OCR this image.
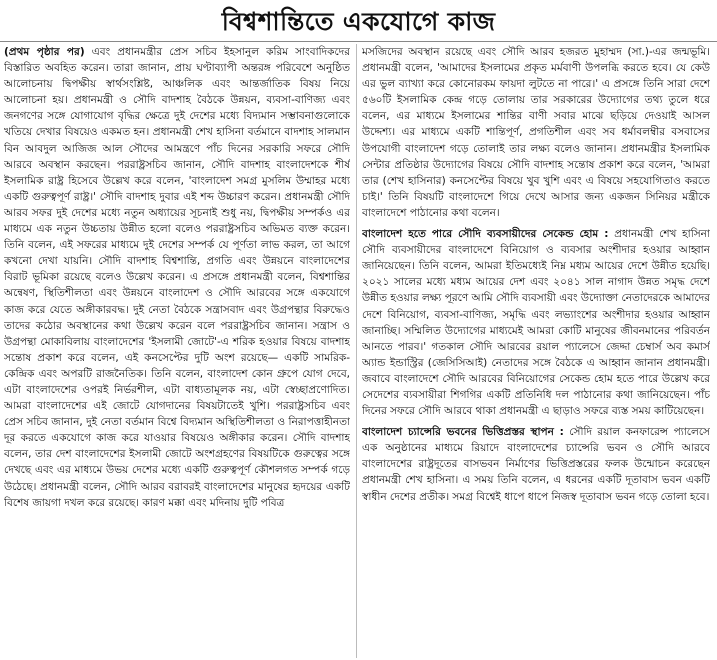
বিশ্বশান্তিতে একযোগে কাজ

(প্রথম পৃষ্ঠার পর) এবং প্রধানমন্ত্রীর প্রেস সচিব ইহসানুল করিম সাংবাদিকদের বিস্তারিত অবহিত করেন। তারা জানান, প্রায় ঘণ্টাব্যাপী অন্তরঙ্গ পরিবেশে অনুষ্ঠিত আলোচনায় দ্বিপক্ষীয় স্বার্থসংশ্লিষ্ট, আঞ্চলিক এবং আন্তর্জাতিক বিষয় নিয়ে আলোচনা হয়। প্রধানমন্ত্রী ও সৌদি বাদশাহ বৈঠকে উন্নয়ন, ব্যবসা-বাণিজ্য এবং জনগণের সঙ্গে যোগাযোগ বৃদ্ধির ক্ষেত্রে দুই দেশের মধ্যে বিদ্যমান সম্ভাবনাগুলোকে খতিয়ে দেখার বিষয়েও একমত হন। প্রধানমন্ত্রী শেখ হাসিনা বর্তমানে বাদশাহ সালমান বিন আবদুল আজিজ আল সৌদের আমন্ত্রণে পাঁচ দিনের সরকারি সফরে সৌদি আরবে অবস্থান করছেন। পররাষ্ট্রসচিব জানান, সৌদি বাদশাহ বাংলাদেশকে শীর্ষ ইসলামিক রাষ্ট্র হিসেবে উল্লেখ করে বলেন, 'বাংলাদেশ সমগ্র মুসলিম উম্মাহর মধ্যে একটি গুরুত্বপূর্ণ রাষ্ট্র।' সৌদি বাদশাহ দুবার এই শব্দ উচ্চারণ করেন। প্রধানমন্ত্রী সৌদি আরব সফর দুই দেশের মধ্যে নতুন অধ্যায়ের সূচনাই শুধু নয়, দ্বিপক্ষীয় সম্পর্কও এর মাধ্যমে এক নতুন উচ্চতায় উন্নীত হলো বলেও পররাষ্ট্রসচিব অভিমত ব্যক্ত করেন। তিনি বলেন, এই সফরের মাধ্যমে দুই দেশের সম্পর্ক যে পূর্ণতা লাভ করল, তা আগে কখনো দেখা যায়নি। সৌদি বাদশাহ বিশ্বশান্তি, প্রগতি এবং উন্নয়নে বাংলাদেশের বিরাট ভূমিকা রয়েছে বলেও উল্লেখ করেন। এ প্রসঙ্গে প্রধানমন্ত্রী বলেন, বিশ্বশান্তির অন্বেষণ, স্থিতিশীলতা এবং উন্নয়নে বাংলাদেশ ও সৌদি আরবের সঙ্গে একযোগে কাজ করে যেতে অঙ্গীকারবদ্ধ। দুই নেতা বৈঠকে সন্ত্রাসবাদ এবং উগ্রপন্থার বিরুদ্ধেও তাদের কঠোর অবস্থানের কথা উল্লেখ করেন বলে পররাষ্ট্রসচিব জানান। সন্ত্রাস ও উগ্রপন্থা মোকাবিলায় বাংলাদেশের 'ইসলামী জোটে'-এ শরিক হওয়ার বিষয়ে বাদশাহ সন্তোষ প্রকাশ করে বলেন, এই কনসেপ্টের দুটি অংশ রয়েছে— একটি সামরিক-কেন্দ্রিক এবং অপরটি রাজনৈতিক। তিনি বলেন, বাংলাদেশ কোন গ্রুপে যোগ দেবে, এটা বাংলাদেশের ওপরই নির্ভরশীল, এটা বাধ্যতামূলক নয়, এটা স্বেচ্ছাপ্রণোদিত। আমরা বাংলাদেশের এই জোটে যোগদানের বিষয়টাতেই খুশি। পররাষ্ট্রসচিব এবং প্রেস সচিব জানান, দুই নেতা বর্তমান বিশ্বে বিদ্যমান অস্থিতিশীলতা ও নিরাপত্তাহীনতা দূর করতে একযোগে কাজ করে যাওয়ার বিষয়েও অঙ্গীকার করেন। সৌদি বাদশাহ বলেন, তার দেশ বাংলাদেশের ইসলামী জোটে অংশগ্রহণের বিষয়টিকে গুরুত্বের সঙ্গে দেখছে এবং এর মাধ্যমে উভয় দেশের মধ্যে একটি গুরুত্বপূর্ণ কৌশলগত সম্পর্ক গড়ে উঠেছে। প্রধানমন্ত্রী বলেন, সৌদি আরব বরাবরই বাংলাদেশের মানুষের হৃদয়ের একটি বিশেষ জায়গা দখল করে রয়েছে। কারণ মক্কা এবং মদিনায় দুটি পবিত্র

মসজিদের অবস্থান রয়েছে এবং সৌদি আরব হজরত মুহাম্মদ (সা.)-এর জন্মভূমি। প্রধানমন্ত্রী বলেন, 'আমাদের ইসলামের প্রকৃত মর্মবাণী উপলব্ধি করতে হবে। যে কেউ এর ভুল ব্যাখ্যা করে কোনোরকম ফায়দা লুটতে না পারে।' এ প্রসঙ্গে তিনি সারা দেশে ৫৬০টি ইসলামিক কেন্দ্র গড়ে তোলায় তার সরকারের উদ্যোগের তথ্য তুলে ধরে বলেন, এর মাধ্যমে ইসলামের শান্তির বাণী সবার মাঝে ছড়িয়ে দেওয়াই আসল উদ্দেশ্য। এর মাধ্যমে একটি শান্তিপূর্ণ, প্রগতিশীল এবং সব ধর্মাবলম্বীর বসবাসের উপযোগী বাংলাদেশ গড়ে তোলাই তার লক্ষ্য বলেও জানান। প্রধানমন্ত্রীর ইসলামিক সেন্টার প্রতিষ্ঠার উদ্যোগের বিষয়ে সৌদি বাদশাহ সন্তোষ প্রকাশ করে বলেন, 'আমরা তার (শেখ হাসিনার) কনসেপ্টের বিষয়ে খুব খুশি এবং এ বিষয়ে সহযোগিতাও করতে চাই।' তিনি বিষয়টি বাংলাদেশে গিয়ে দেখে আসার জন্য একজন সিনিয়র মন্ত্রীকে বাংলাদেশে পাঠানোর কথা বলেন।

বাংলাদেশ হতে পারে সৌদি ব্যবসায়ীদের সেকেন্ড হোম : প্রধানমন্ত্রী শেখ হাসিনা সৌদি ব্যবসায়ীদের বাংলাদেশে বিনিয়োগ ও ব্যবসার অংশীদার হওয়ার আহ্বান জানিয়েছেন। তিনি বলেন, আমরা ইতিমধ্যেই নিম্ন মধ্যম আয়ের দেশে উন্নীত হয়েছি। ২০২১ সালের মধ্যে মধ্যম আয়ের দেশ এবং ২০৪১ সাল নাগাদ উন্নত সমৃদ্ধ দেশে উন্নীত হওয়ার লক্ষ্য পূরণে আমি সৌদি ব্যবসায়ী এবং উদ্যোক্তা নেতাদেরকে আমাদের দেশে বিনিয়োগ, ব্যবসা-বাণিজ্য, সমৃদ্ধি এবং লভ্যাংশের অংশীদার হওয়ার আহ্বান জানাচ্ছি। সম্মিলিত উদ্যোগের মাধ্যমেই আমরা কোটি মানুষের জীবনমানের পরিবর্তন আনতে পারব।' গতকাল সৌদি আরবের রয়াল প্যালেসে জেদ্দা চেম্বার্স অব কমার্স অ্যান্ড ইন্ডাস্ট্রির (জেসিসিআই) নেতাদের সঙ্গে বৈঠকে এ আহ্বান জানান প্রধানমন্ত্রী। জবাবে বাংলাদেশে সৌদি আরবের বিনিয়োগের সেকেন্ড হোম হতে পারে উল্লেখ করে সেদেশের ব্যবসায়ীরা শিগগির একটি প্রতিনিধি দল পাঠানোর কথা জানিয়েছেন। পাঁচ দিনের সফরে সৌদি আরবে থাকা প্রধানমন্ত্রী এ ছাড়াও সফরে ব্যস্ত সময় কাটিয়েছেন।

বাংলাদেশ চ্যান্সেরি ভবনের ভিত্তিপ্রস্তর স্থাপন : সৌদি রয়াল কনফারেন্স প্যালেসে এক অনুষ্ঠানের মাধ্যমে রিয়াদে বাংলাদেশের চ্যান্সেরি ভবন ও সৌদি আরবে বাংলাদেশের রাষ্ট্রদূতের বাসভবন নির্মাণের ভিত্তিপ্রস্তরের ফলক উন্মোচন করেছেন প্রধানমন্ত্রী শেখ হাসিনা। এ সময় তিনি বলেন, এ ধরনের একটি দূতাবাস ভবন একটি স্বাধীন দেশের প্রতীক। সমগ্র বিশ্বেই ধাপে ধাপে নিজস্ব দূতাবাস ভবন গড়ে তোলা হবে।
